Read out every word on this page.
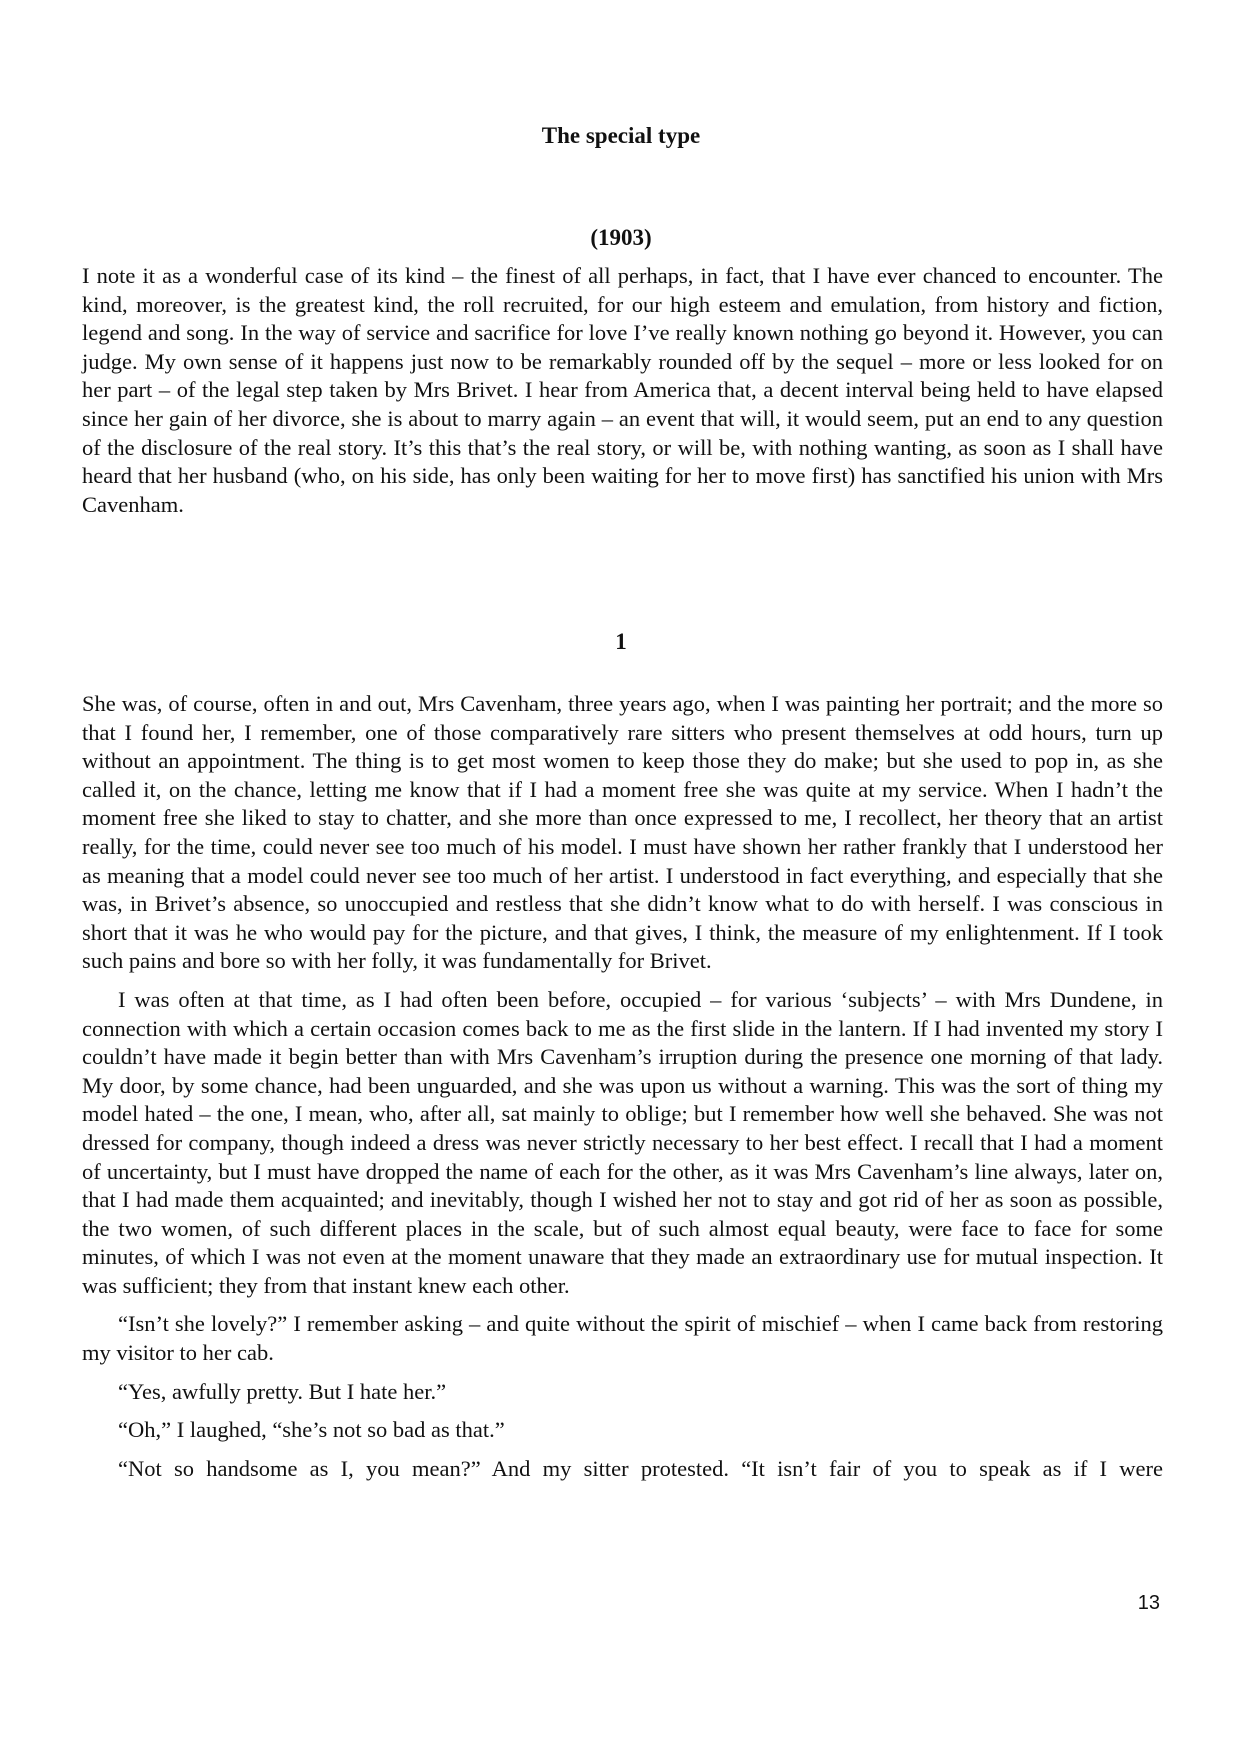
The special type
(1903)

I note it as a wonderful case of its kind – the finest of all perhaps, in fact, that I have ever chanced to encounter. The kind, moreover, is the greatest kind, the roll recruited, for our high esteem and emulation, from history and fiction, legend and song. In the way of service and sacrifice for love I’ve really known nothing go beyond it. However, you can judge. My own sense of it happens just now to be remarkably rounded off by the sequel – more or less looked for on her part – of the legal step taken by Mrs Brivet. I hear from America that, a decent interval being held to have elapsed since her gain of her divorce, she is about to marry again – an event that will, it would seem, put an end to any question of the disclosure of the real story. It’s this that’s the real story, or will be, with nothing wanting, as soon as I shall have heard that her husband (who, on his side, has only been waiting for her to move first) has sanctified his union with Mrs Cavenham.

1

She was, of course, often in and out, Mrs Cavenham, three years ago, when I was painting her portrait; and the more so that I found her, I remember, one of those comparatively rare sitters who present themselves at odd hours, turn up without an appointment. The thing is to get most women to keep those they do make; but she used to pop in, as she called it, on the chance, letting me know that if I had a moment free she was quite at my service. When I hadn’t the moment free she liked to stay to chatter, and she more than once expressed to me, I recollect, her theory that an artist really, for the time, could never see too much of his model. I must have shown her rather frankly that I understood her as meaning that a model could never see too much of her artist. I understood in fact everything, and especially that she was, in Brivet’s absence, so unoccupied and restless that she didn’t know what to do with herself. I was conscious in short that it was he who would pay for the picture, and that gives, I think, the measure of my enlightenment. If I took such pains and bore so with her folly, it was fundamentally for Brivet.

I was often at that time, as I had often been before, occupied – for various ‘subjects’ – with Mrs Dundene, in connection with which a certain occasion comes back to me as the first slide in the lantern. If I had invented my story I couldn’t have made it begin better than with Mrs Cavenham’s irruption during the presence one morning of that lady. My door, by some chance, had been unguarded, and she was upon us without a warning. This was the sort of thing my model hated – the one, I mean, who, after all, sat mainly to oblige; but I remember how well she behaved. She was not dressed for company, though indeed a dress was never strictly necessary to her best effect. I recall that I had a moment of uncertainty, but I must have dropped the name of each for the other, as it was Mrs Cavenham’s line always, later on, that I had made them acquainted; and inevitably, though I wished her not to stay and got rid of her as soon as possible, the two women, of such different places in the scale, but of such almost equal beauty, were face to face for some minutes, of which I was not even at the moment unaware that they made an extraordinary use for mutual inspection. It was sufficient; they from that instant knew each other.

“Isn’t she lovely?” I remember asking – and quite without the spirit of mischief – when I came back from restoring my visitor to her cab.

“Yes, awfully pretty. But I hate her.”

“Oh,” I laughed, “she’s not so bad as that.”

“Not so handsome as I, you mean?” And my sitter protested. “It isn’t fair of you to speak as if I were

13
